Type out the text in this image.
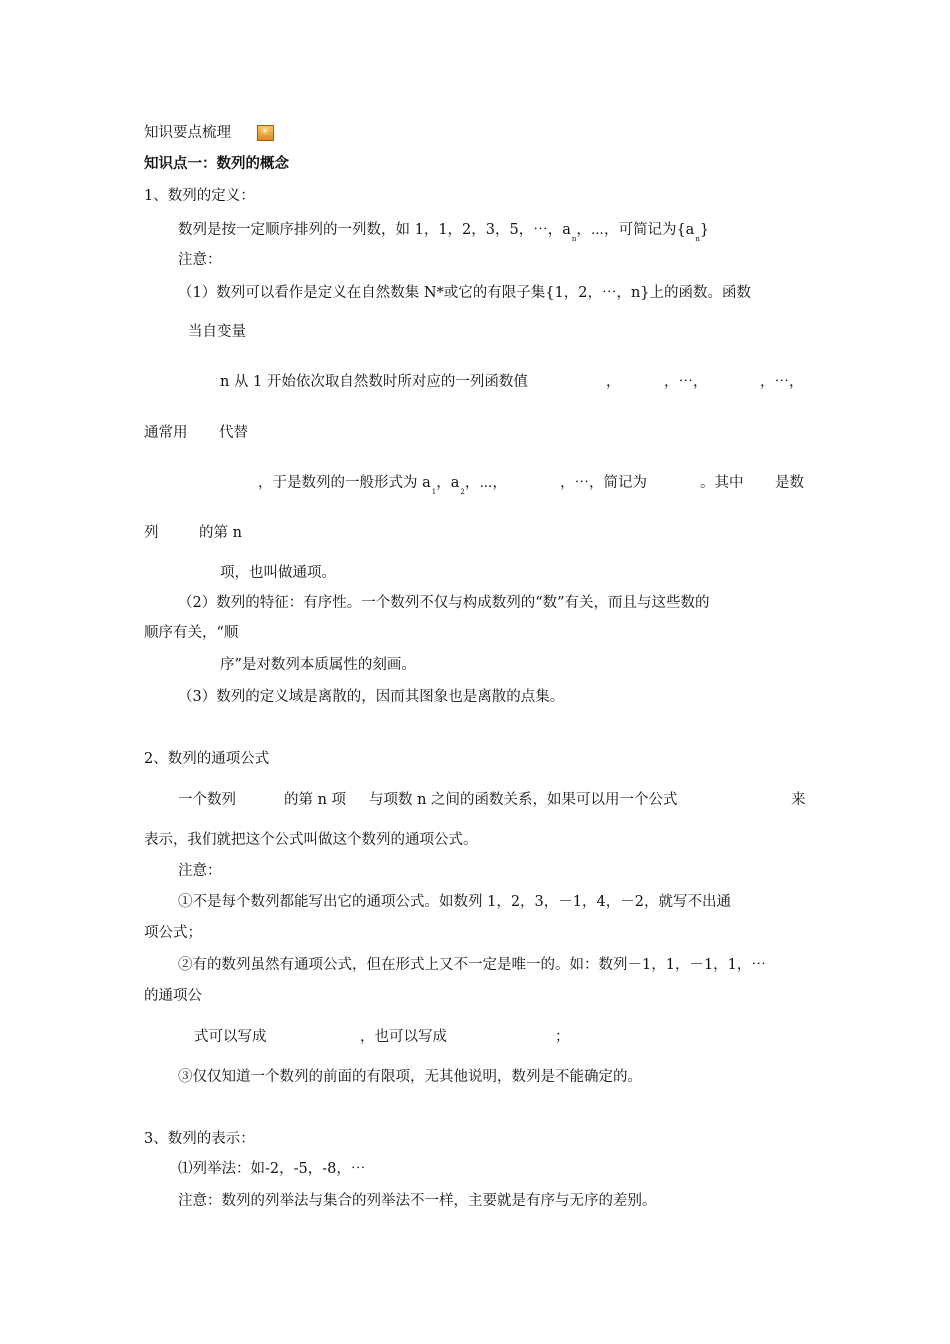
知识要点梳理
☀
知识点一：数列的概念
1、数列的定义：
数列是按一定顺序排列的一列数，如 1，1，2，3，5，⋯，$a_n$，⋯，可简记为$\{a_n\}$
注意：
（1）数列可以看作是定义在自然数集 N*或它的有限子集{1，2，⋯，n}上的函数。函数
当自变量
n 从 1 开始依次取自然数时所对应的一列函数值	，	，⋯，	，⋯，
通常用 代替
，于是数列的一般形式为 $a_1$，$a_2$，⋯，	，⋯，简记为	。其中 是数
列	的第 n
项，也叫做通项。
（2）数列的特征：有序性。一个数列不仅与构成数列的“数”有关，而且与这些数的
顺序有关，“顺
序”是对数列本质属性的刻画。
（3）数列的定义域是离散的，因而其图象也是离散的点集。
2、数列的通项公式
一个数列	的第 n 项 与项数 n 之间的函数关系，如果可以用一个公式	来
表示，我们就把这个公式叫做这个数列的通项公式。
注意：
①不是每个数列都能写出它的通项公式。如数列 1，2，3，－1，4，－2，就写不出通
项公式；
②有的数列虽然有通项公式，但在形式上又不一定是唯一的。如：数列－1，1，－1，1，⋯
的通项公
式可以写成	，也可以写成	；
③仅仅知道一个数列的前面的有限项，无其他说明，数列是不能确定的。
3、数列的表示：
⑴列举法：如-2，-5，-8，⋯
注意：数列的列举法与集合的列举法不一样，主要就是有序与无序的差别。
